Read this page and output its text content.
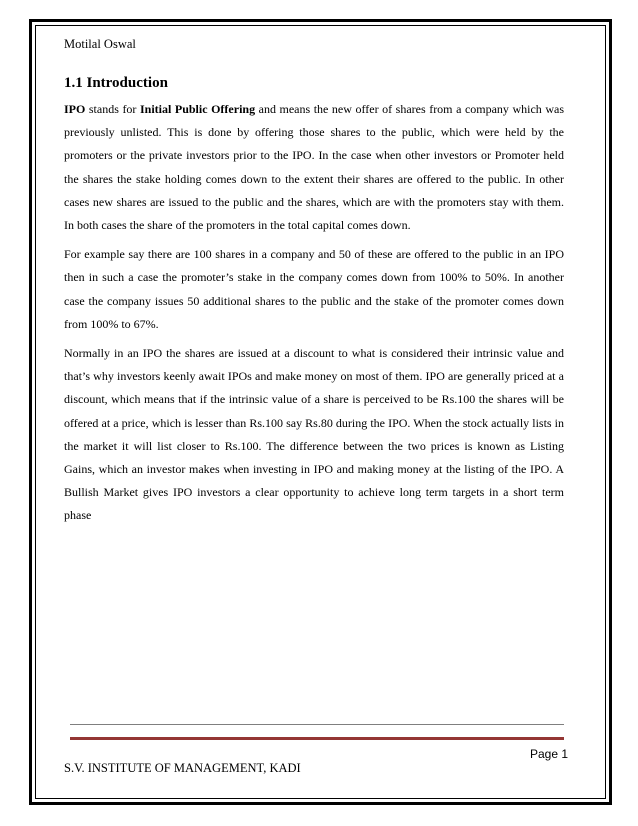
Motilal Oswal
1.1 Introduction

IPO stands for Initial Public Offering and means the new offer of shares from a company which was previously unlisted. This is done by offering those shares to the public, which were held by the promoters or the private investors prior to the IPO. In the case when other investors or Promoter held the shares the stake holding comes down to the extent their shares are offered to the public. In other cases new shares are issued to the public and the shares, which are with the promoters stay with them. In both cases the share of the promoters in the total capital comes down.

For example say there are 100 shares in a company and 50 of these are offered to the public in an IPO then in such a case the promoter’s stake in the company comes down from 100% to 50%. In another case the company issues 50 additional shares to the public and the stake of the promoter comes down from 100% to 67%.

Normally in an IPO the shares are issued at a discount to what is considered their intrinsic value and that’s why investors keenly await IPOs and make money on most of them. IPO are generally priced at a discount, which means that if the intrinsic value of a share is perceived to be Rs.100 the shares will be offered at a price, which is lesser than Rs.100 say Rs.80 during the IPO. When the stock actually lists in the market it will list closer to Rs.100. The difference between the two prices is known as Listing Gains, which an investor makes when investing in IPO and making money at the listing of the IPO. A Bullish Market gives IPO investors a clear opportunity to achieve long term targets in a short term phase

Page 1
S.V. INSTITUTE OF MANAGEMENT, KADI
